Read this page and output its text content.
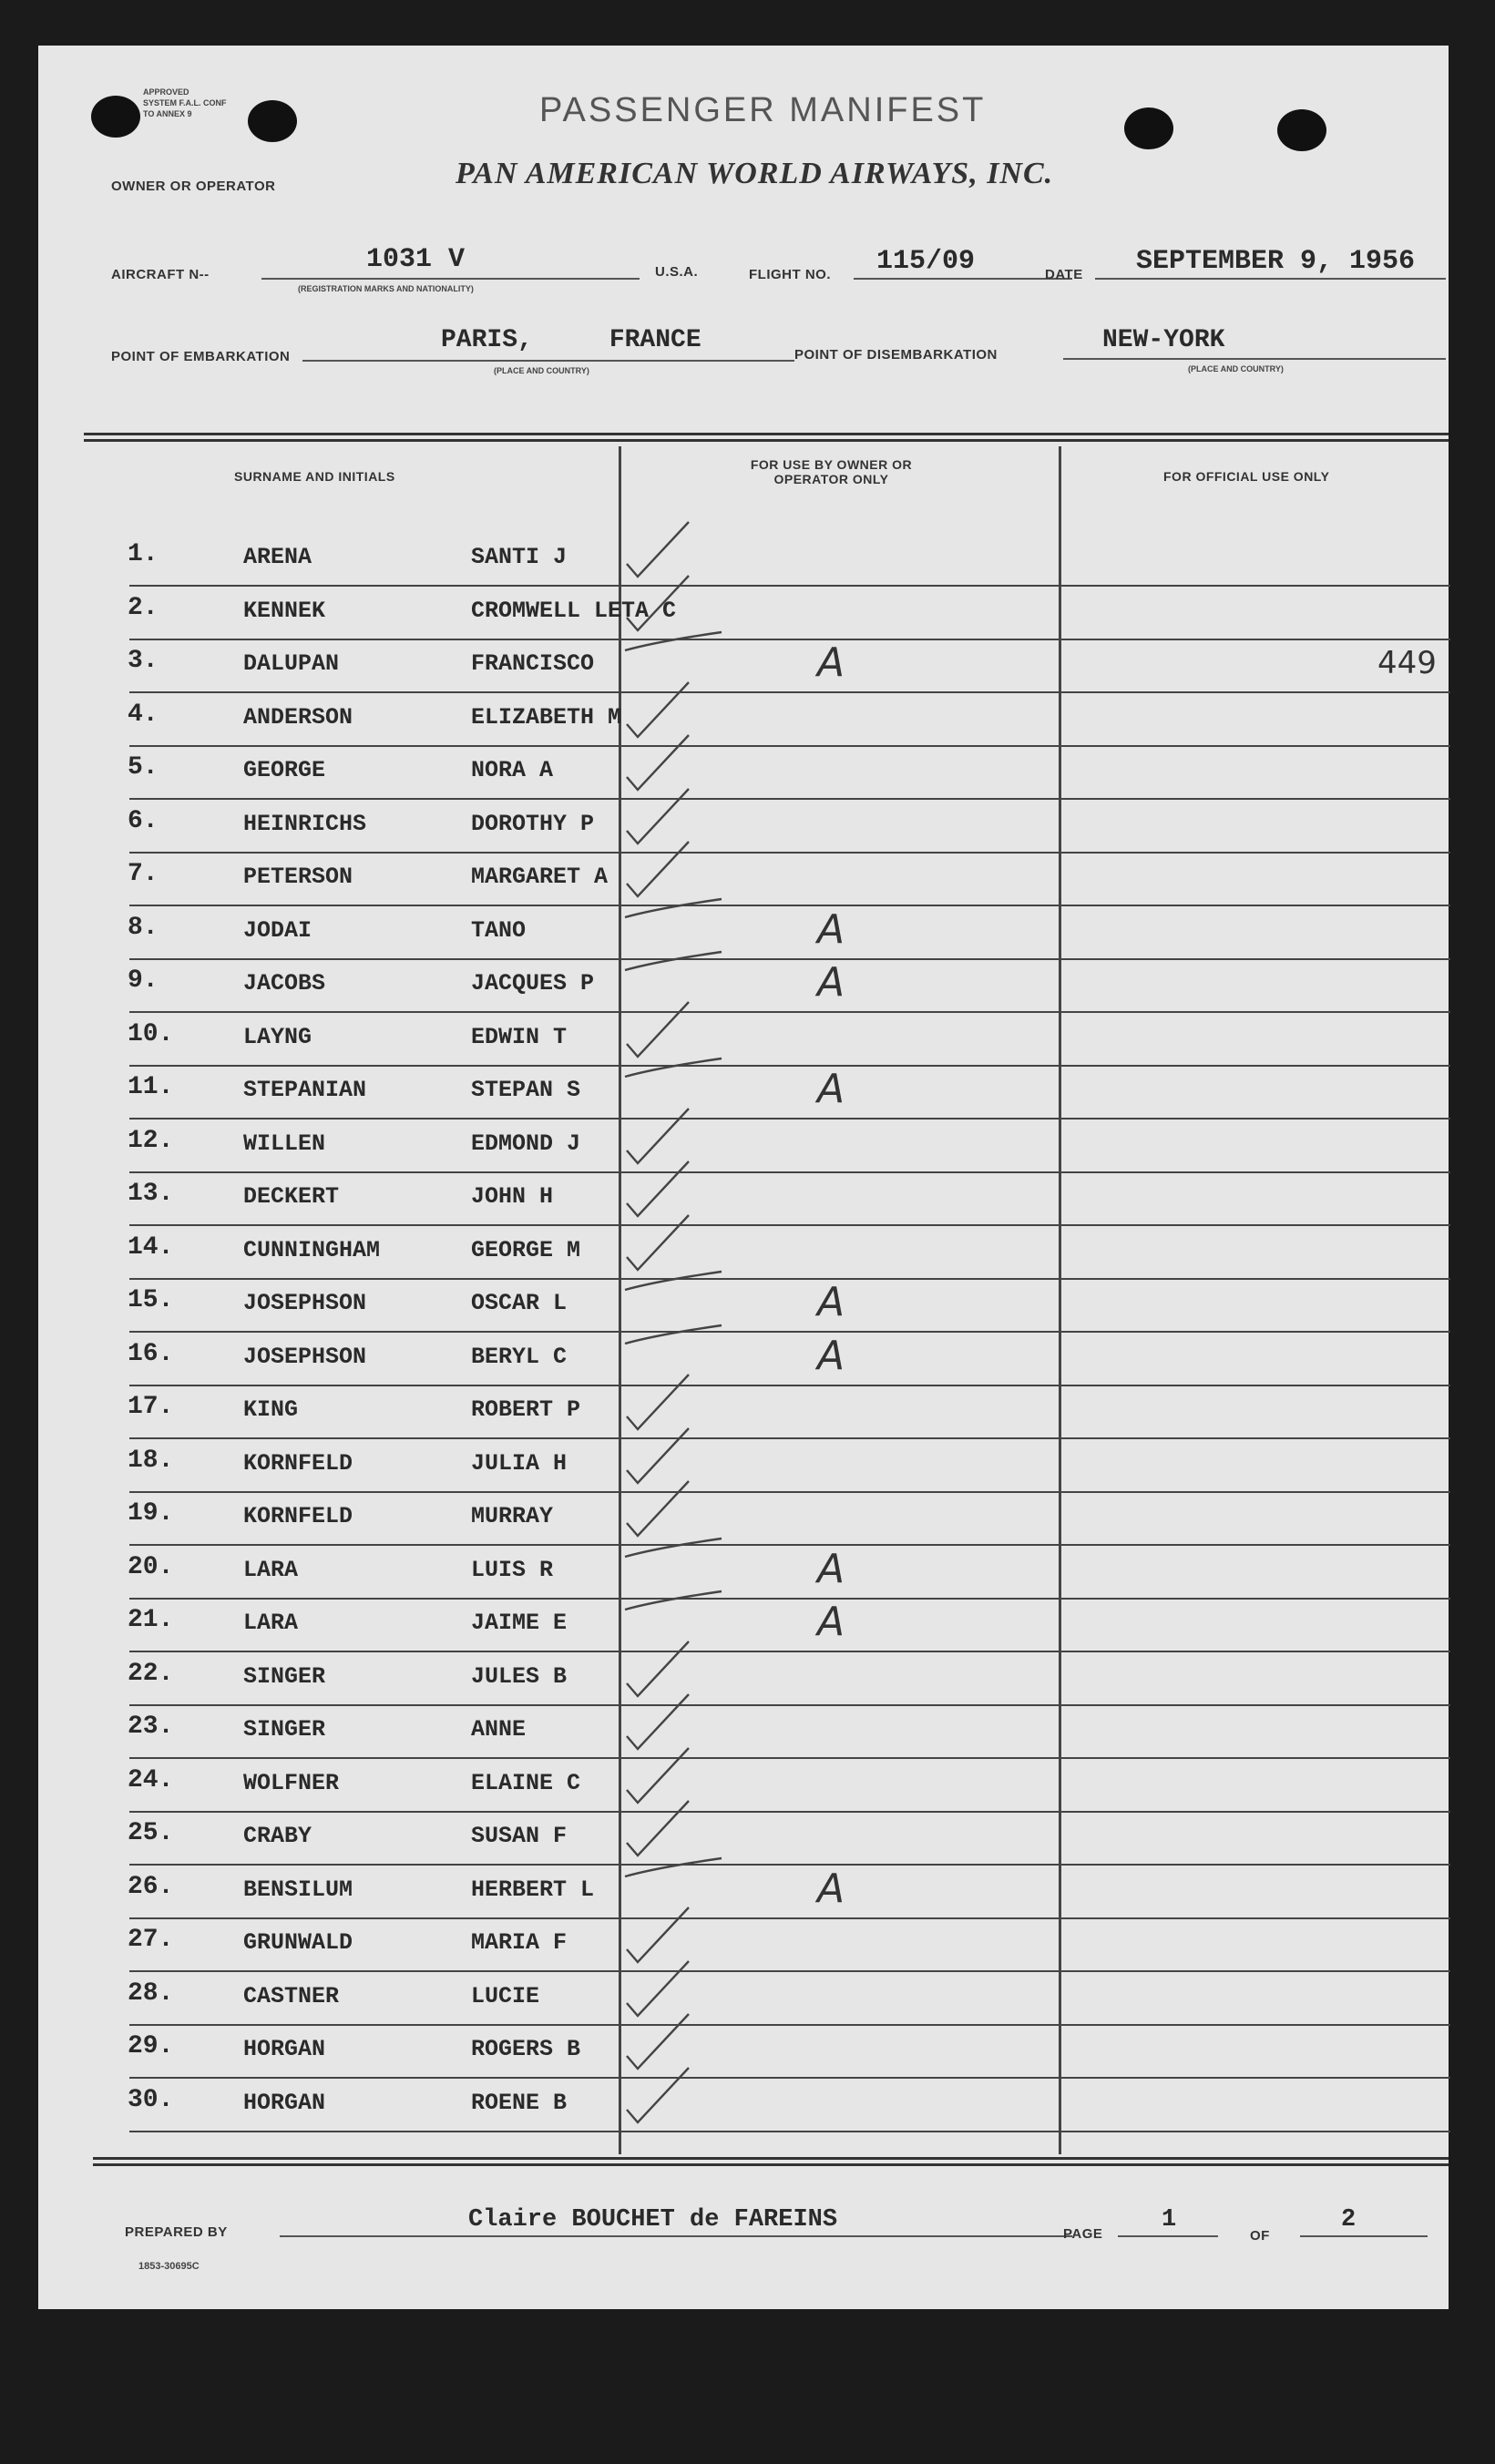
APPROVED
SYSTEM F.A.L. CONF
TO ANNEX 9	PASSENGER MANIFEST
PAN AMERICAN WORLD AIRWAYS, INC.
OWNER OR OPERATOR
AIRCRAFT N--	1031 V
(REGISTRATION MARKS AND NATIONALITY)
U.S.A.	FLIGHT NO. 115/09	DATE SEPTEMBER 9, 1956
POINT OF EMBARKATION
PARIS,     FRANCE
(PLACE AND COUNTRY)
POINT OF DISEMBARKATION
NEW-YORK
(PLACE AND COUNTRY)
SURNAME AND INITIALS
FOR USE BY OWNER OR OPERATOR ONLY	FOR OFFICIAL USE ONLY
1.	ARENA	SANTI J
2.	KENNEK	CROMWELL LETA C
3.	DALUPAN	FRANCISCO	A	449
4.	ANDERSON	ELIZABETH M
5.	GEORGE	NORA A
6.	HEINRICHS	DOROTHY P
7.	PETERSON	MARGARET A
8.	JODAI	TANO	A
9.	JACOBS	JACQUES P	A
10.	LAYNG	EDWIN T
11.	STEPANIAN	STEPAN S	A
12.	WILLEN	EDMOND J
13.	DECKERT	JOHN H
14.	CUNNINGHAM	GEORGE M
15.	JOSEPHSON	OSCAR L	A
16.	JOSEPHSON	BERYL C	A
17.	KING	ROBERT P
18.	KORNFELD	JULIA H
19.	KORNFELD	MURRAY
20.	LARA	LUIS R	A
21.	LARA	JAIME E	A
22.	SINGER	JULES B
23.	SINGER	ANNE
24.	WOLFNER	ELAINE C
25.	CRABY	SUSAN F
26.	BENSILUM	HERBERT L	A
27.	GRUNWALD	MARIA F
28.	CASTNER	LUCIE
29.	HORGAN	ROGERS B
30.	HORGAN	ROENE B
PREPARED BY	Claire BOUCHET de FAREINS
PAGE
1
OF
2
1853-30695C
